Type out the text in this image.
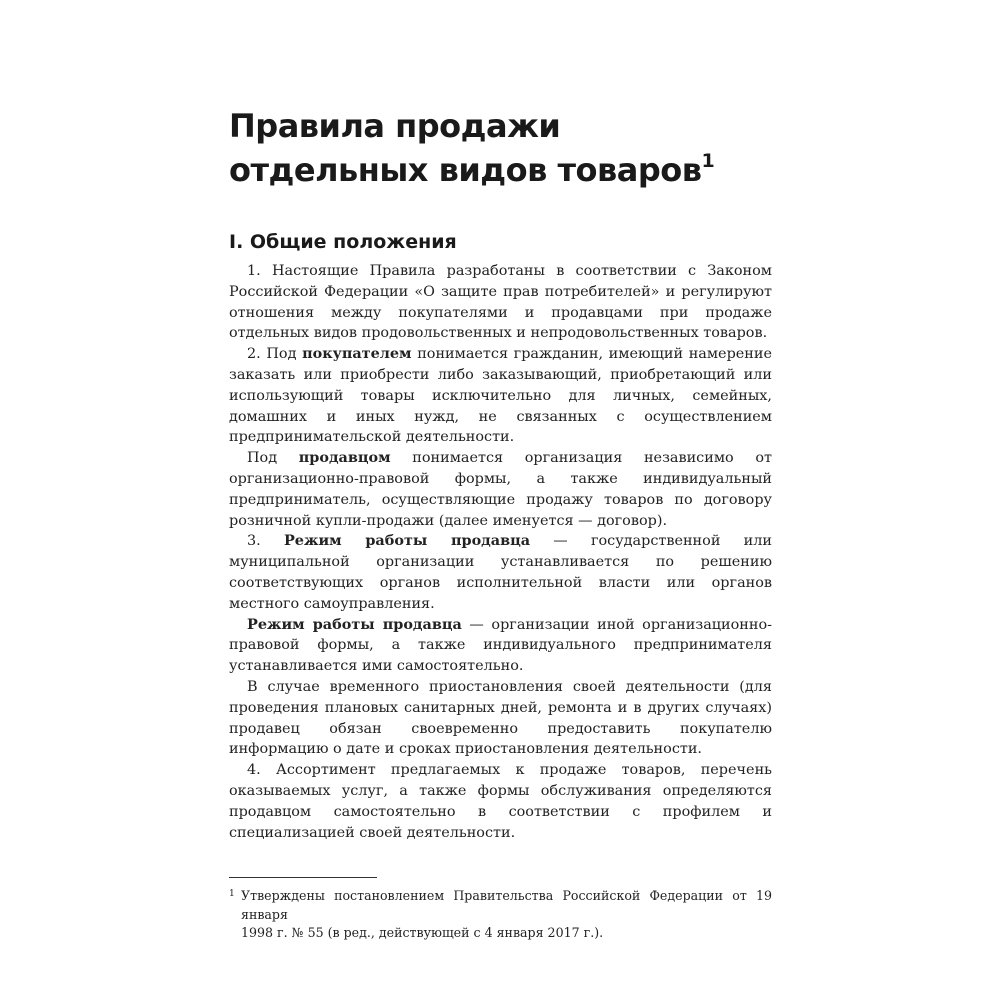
Правила продажи
отдельных видов товаров$^1$
I. Общие положения

1. Настоящие Правила разработаны в соответствии с Законом Российской Федерации «О защите прав потребителей» и регулируют отношения между покупателями и продавцами при продаже отдельных видов продовольственных и непродовольственных товаров.

2. Под покупателем понимается гражданин, имеющий намерение заказать или приобрести либо заказывающий, приобретающий или использующий товары исключительно для личных, семейных, домашних и иных нужд, не связанных с осуществлением предпринимательской деятельности.

Под продавцом понимается организация независимо от организационно-правовой формы, а также индивидуальный предприниматель, осуществляющие продажу товаров по договору розничной купли-продажи (далее именуется — договор).

3. Режим работы продавца — государственной или муниципальной организации устанавливается по решению соответствующих органов исполнительной власти или органов местного самоуправления.

Режим работы продавца — организации иной организационно-правовой формы, а также индивидуального предпринимателя устанавливается ими самостоятельно.

В случае временного приостановления своей деятельности (для проведения плановых санитарных дней, ремонта и в других случаях) продавец обязан своевременно предоставить покупателю информацию о дате и сроках приостановления деятельности.

4. Ассортимент предлагаемых к продаже товаров, перечень оказываемых услуг, а также формы обслуживания определяются продавцом самостоятельно в соответствии с профилем и специализацией своей деятельности.

1 Утверждены постановлением Правительства Российской Федерации от 19 января
1998 г. № 55 (в ред., действующей с 4 января 2017 г.).
